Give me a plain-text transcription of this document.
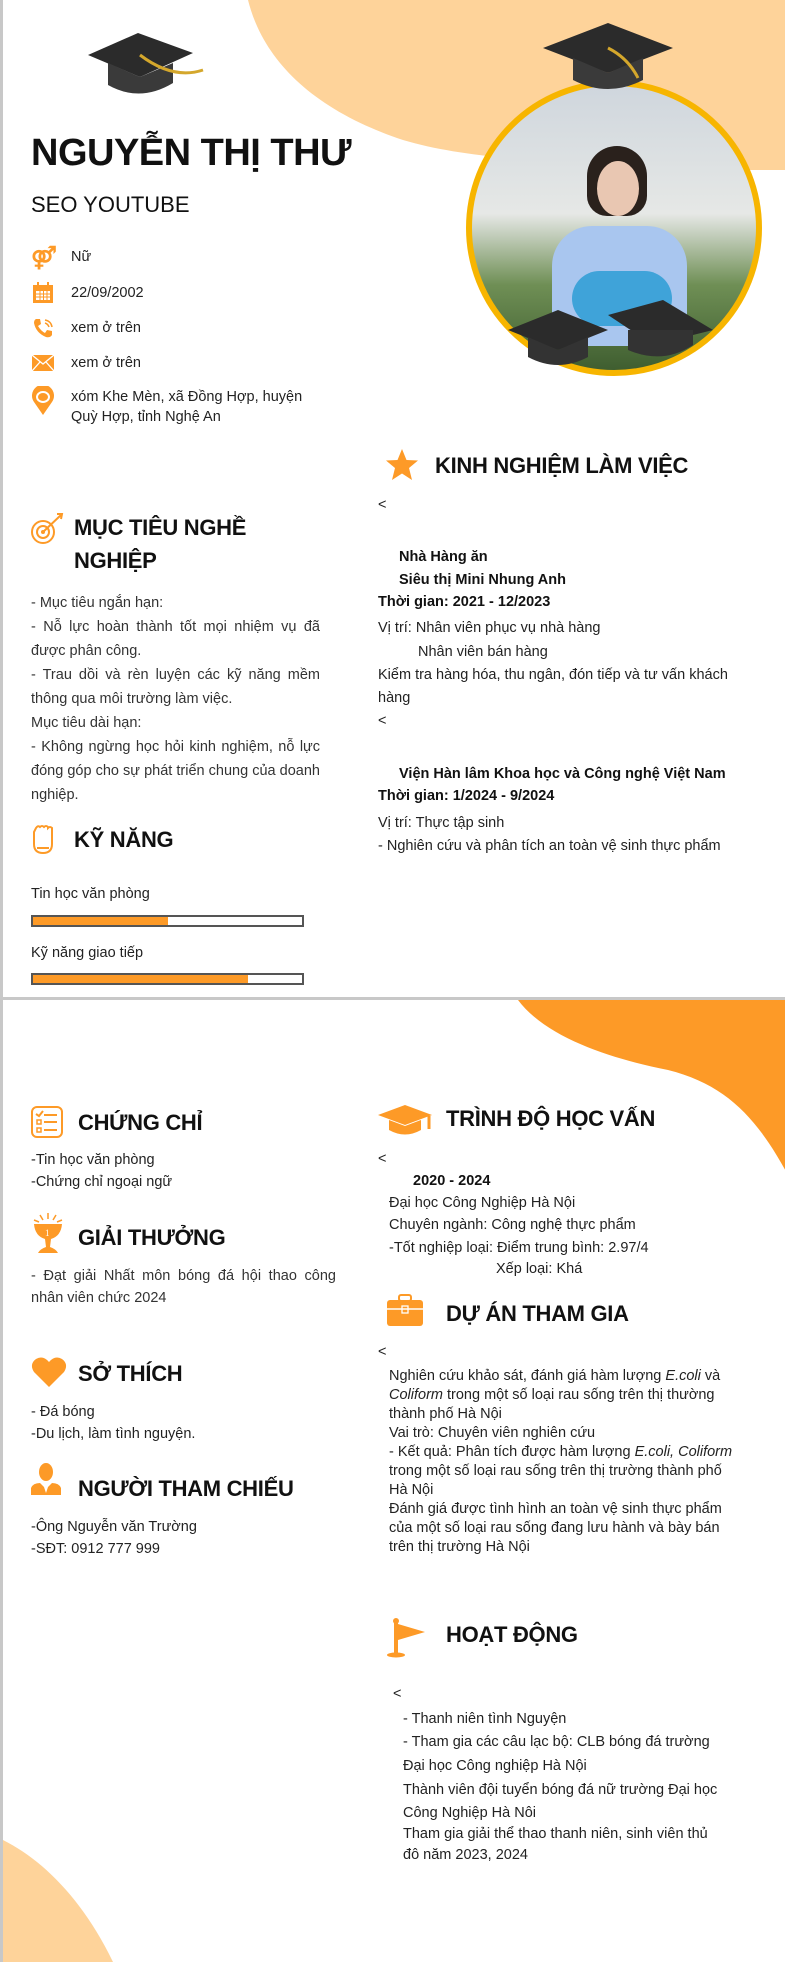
NGUYỄN THỊ THƯ
SEO YOUTUBE
⚤ Nữ
22/09/2002
xem ở trên
xem ở trên
xóm Khe Mèn, xã Đồng Hợp, huyện
Quỳ Hợp, tỉnh Nghệ An
MỤC TIÊU NGHỀ
NGHIỆP
- Mục tiêu ngắn hạn:
- Nỗ lực hoàn thành tốt mọi nhiệm vụ đã được phân công.
- Trau dồi và rèn luyện các kỹ năng mềm thông qua môi trường làm việc.
Mục tiêu dài hạn:
- Không ngừng học hỏi kinh nghiệm, nỗ lực đóng góp cho sự phát triển chung của doanh nghiệp.
KỸ NĂNG
Tin học văn phòng
Kỹ năng giao tiếp
KINH NGHIỆM LÀM VIỆC
<
Nhà Hàng ăn
Siêu thị Mini Nhung Anh
Thời gian: 2021 - 12/2023
Vị trí: Nhân viên phục vụ nhà hàng
Nhân viên bán hàng
Kiểm tra hàng hóa, thu ngân, đón tiếp và tư vấn khách
hàng
<
Viện Hàn lâm Khoa học và Công nghệ Việt Nam
Thời gian: 1/2024 - 9/2024
Vị trí: Thực tập sinh
- Nghiên cứu và phân tích an toàn vệ sinh thực phẩm
CHỨNG CHỈ
-Tin học văn phòng
-Chứng chỉ ngoại ngữ
1 GIẢI THƯỞNG
- Đạt giải Nhất môn bóng đá hội thao công nhân viên chức 2024
SỞ THÍCH
- Đá bóng
-Du lịch, làm tình nguyện.
NGƯỜI THAM CHIẾU
-Ông Nguyễn văn Trường
-SĐT: 0912 777 999
TRÌNH ĐỘ HỌC VẤN
<
2020 - 2024
Đại học Công Nghiệp Hà Nội
Chuyên ngành: Công nghệ thực phẩm
-Tốt nghiệp loại: Điểm trung bình: 2.97/4
Xếp loại: Khá
DỰ ÁN THAM GIA
<
Nghiên cứu khảo sát, đánh giá hàm lượng E.coli và
Coliform trong một số loại rau sống trên thị thường
thành phố Hà Nội
Vai trò: Chuyên viên nghiên cứu
- Kết quả: Phân tích được hàm lượng E.coli, Coliform
trong một số loại rau sống trên thị trường thành phố
Hà Nội
Đánh giá được tình hình an toàn vệ sinh thực phẩm
của một số loại rau sống đang lưu hành và bày bán
trên thị trường Hà Nội
HOẠT ĐỘNG
<
- Thanh niên tình Nguyện
- Tham gia các câu lạc bộ: CLB bóng đá trường
Đại học Công nghiệp Hà Nội
Thành viên đội tuyển bóng đá nữ trường Đại học
Công Nghiệp Hà Nôi
Tham gia giải thể thao thanh niên, sinh viên thủ
đô năm 2023, 2024
